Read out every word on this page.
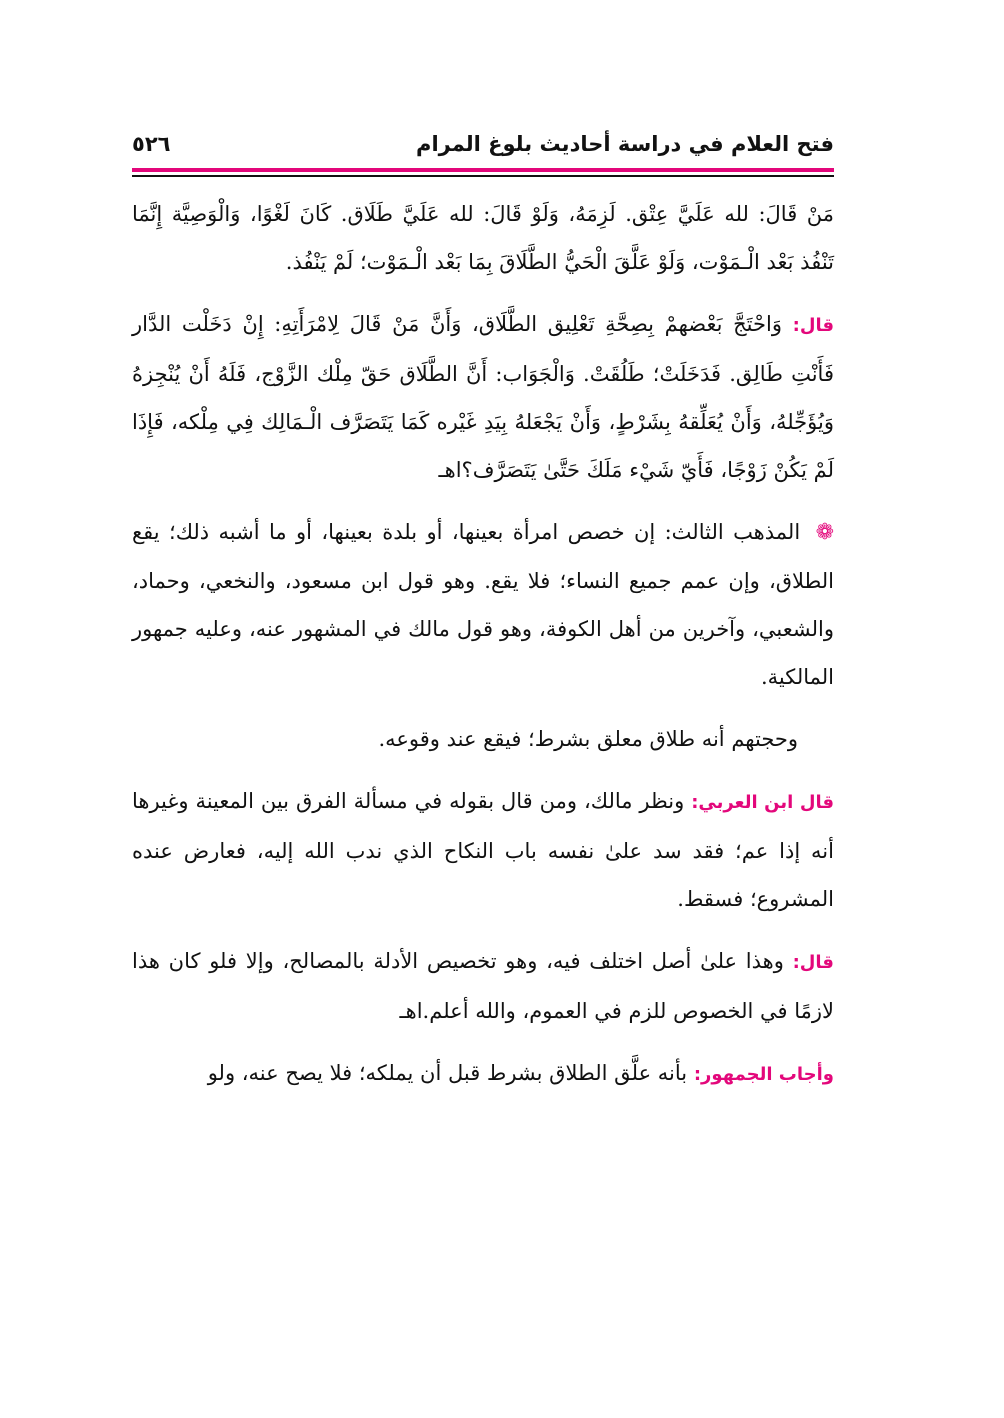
فتح العلام في دراسة أحاديث بلوغ المرام
٥٢٦

مَنْ قَالَ: لله عَلَيَّ عِتْق. لَزِمَهُ، وَلَوْ قَالَ: لله عَلَيَّ طَلَاق. كَانَ لَغْوًا، وَالْوَصِيَّة إِنَّمَا تَنْفُذ بَعْد الْـمَوْت، وَلَوْ عَلَّقَ الْحَيُّ الطَّلَاقَ بِمَا بَعْد الْـمَوْت؛ لَمْ يَنْفُذ.

قال: وَاحْتَجَّ بَعْضهمْ بِصِحَّةِ تَعْلِيق الطَّلَاق، وَأَنَّ مَنْ قَالَ لِامْرَأَتِهِ: إِنْ دَخَلْت الدَّار فَأَنْتِ طَالِق. فَدَخَلَتْ؛ طَلُقَتْ. وَالْجَوَاب: أَنَّ الطَّلَاق حَقّ مِلْك الزَّوْج، فَلَهُ أَنْ يُنْجِزهُ وَيُؤَجِّلهُ، وَأَنْ يُعَلِّقهُ بِشَرْطٍ، وَأَنْ يَجْعَلهُ بِيَدِ غَيْره كَمَا يَتَصَرَّف الْـمَالِك فِي مِلْكه، فَإِذَا لَمْ يَكُنْ زَوْجًا، فَأَيّ شَيْء مَلَكَ حَتَّىٰ يَتَصَرَّف؟اهـ

❁ المذهب الثالث: إن خصص امرأة بعينها، أو بلدة بعينها، أو ما أشبه ذلك؛ يقع الطلاق، وإن عمم جميع النساء؛ فلا يقع. وهو قول ابن مسعود، والنخعي، وحماد، والشعبي، وآخرين من أهل الكوفة، وهو قول مالك في المشهور عنه، وعليه جمهور المالكية.

وحجتهم أنه طلاق معلق بشرط؛ فيقع عند وقوعه.

قال ابن العربي: ونظر مالك، ومن قال بقوله في مسألة الفرق بين المعينة وغيرها أنه إذا عم؛ فقد سد علىٰ نفسه باب النكاح الذي ندب الله إليه، فعارض عنده المشروع؛ فسقط.

قال: وهذا علىٰ أصل اختلف فيه، وهو تخصيص الأدلة بالمصالح، وإلا فلو كان هذا لازمًا في الخصوص للزم في العموم، والله أعلم.اهـ

وأجاب الجمهور: بأنه علَّق الطلاق بشرط قبل أن يملكه؛ فلا يصح عنه، ولو
